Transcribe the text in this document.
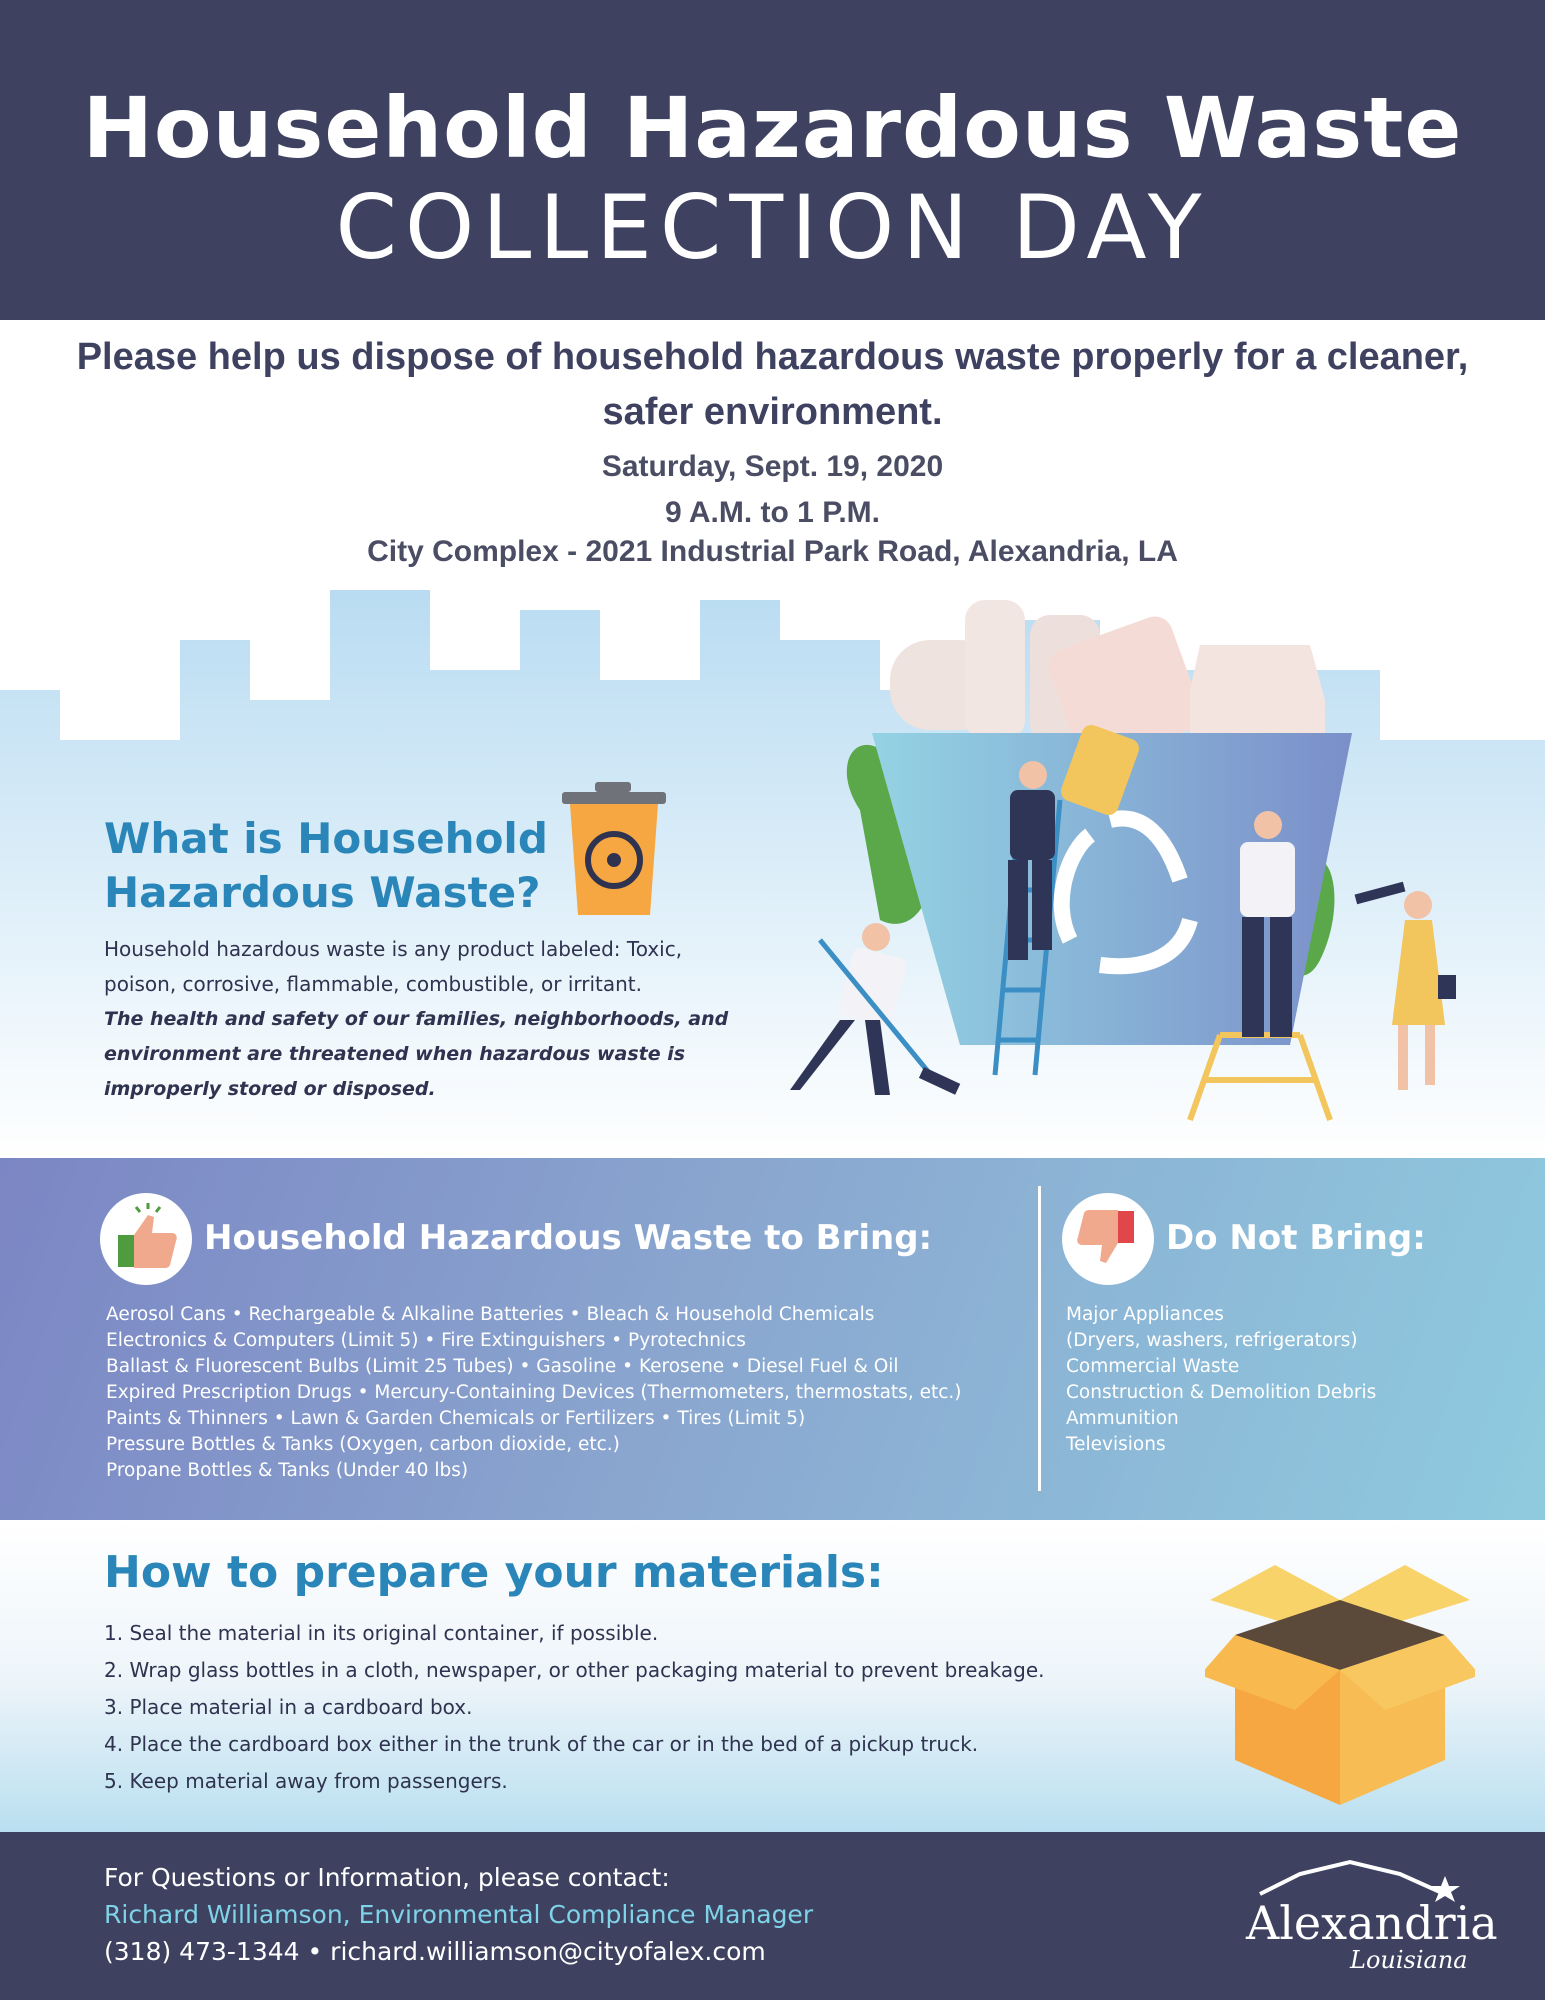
Household Hazardous Waste
COLLECTION DAY
Please help us dispose of household hazardous waste properly for a cleaner, safer environment.
Saturday, Sept. 19, 2020
9 A.M. to 1 P.M.
City Complex - 2021 Industrial Park Road, Alexandria, LA
What is Household Hazardous Waste?
Household hazardous waste is any product labeled: Toxic, poison, corrosive, flammable, combustible, or irritant.
The health and safety of our families, neighborhoods, and environment are threatened when hazardous waste is improperly stored or disposed.
Household Hazardous Waste to Bring:
Aerosol Cans • Rechargeable & Alkaline Batteries • Bleach & Household Chemicals
Electronics & Computers (Limit 5) • Fire Extinguishers • Pyrotechnics
Ballast & Fluorescent Bulbs (Limit 25 Tubes) • Gasoline • Kerosene • Diesel Fuel & Oil
Expired Prescription Drugs • Mercury-Containing Devices (Thermometers, thermostats, etc.)
Paints & Thinners • Lawn & Garden Chemicals or Fertilizers • Tires (Limit 5)
Pressure Bottles & Tanks (Oxygen, carbon dioxide, etc.)
Propane Bottles & Tanks (Under 40 lbs)
Do Not Bring:
Major Appliances
(Dryers, washers, refrigerators)
Commercial Waste
Construction & Demolition Debris
Ammunition
Televisions
How to prepare your materials:
1. Seal the material in its original container, if possible.
2. Wrap glass bottles in a cloth, newspaper, or other packaging material to prevent breakage.
3. Place material in a cardboard box.
4. Place the cardboard box either in the trunk of the car or in the bed of a pickup truck.
5. Keep material away from passengers.
For Questions or Information, please contact:
Richard Williamson, Environmental Compliance Manager
(318) 473-1344 • richard.williamson@cityofalex.com
Alexandria
Louisiana
